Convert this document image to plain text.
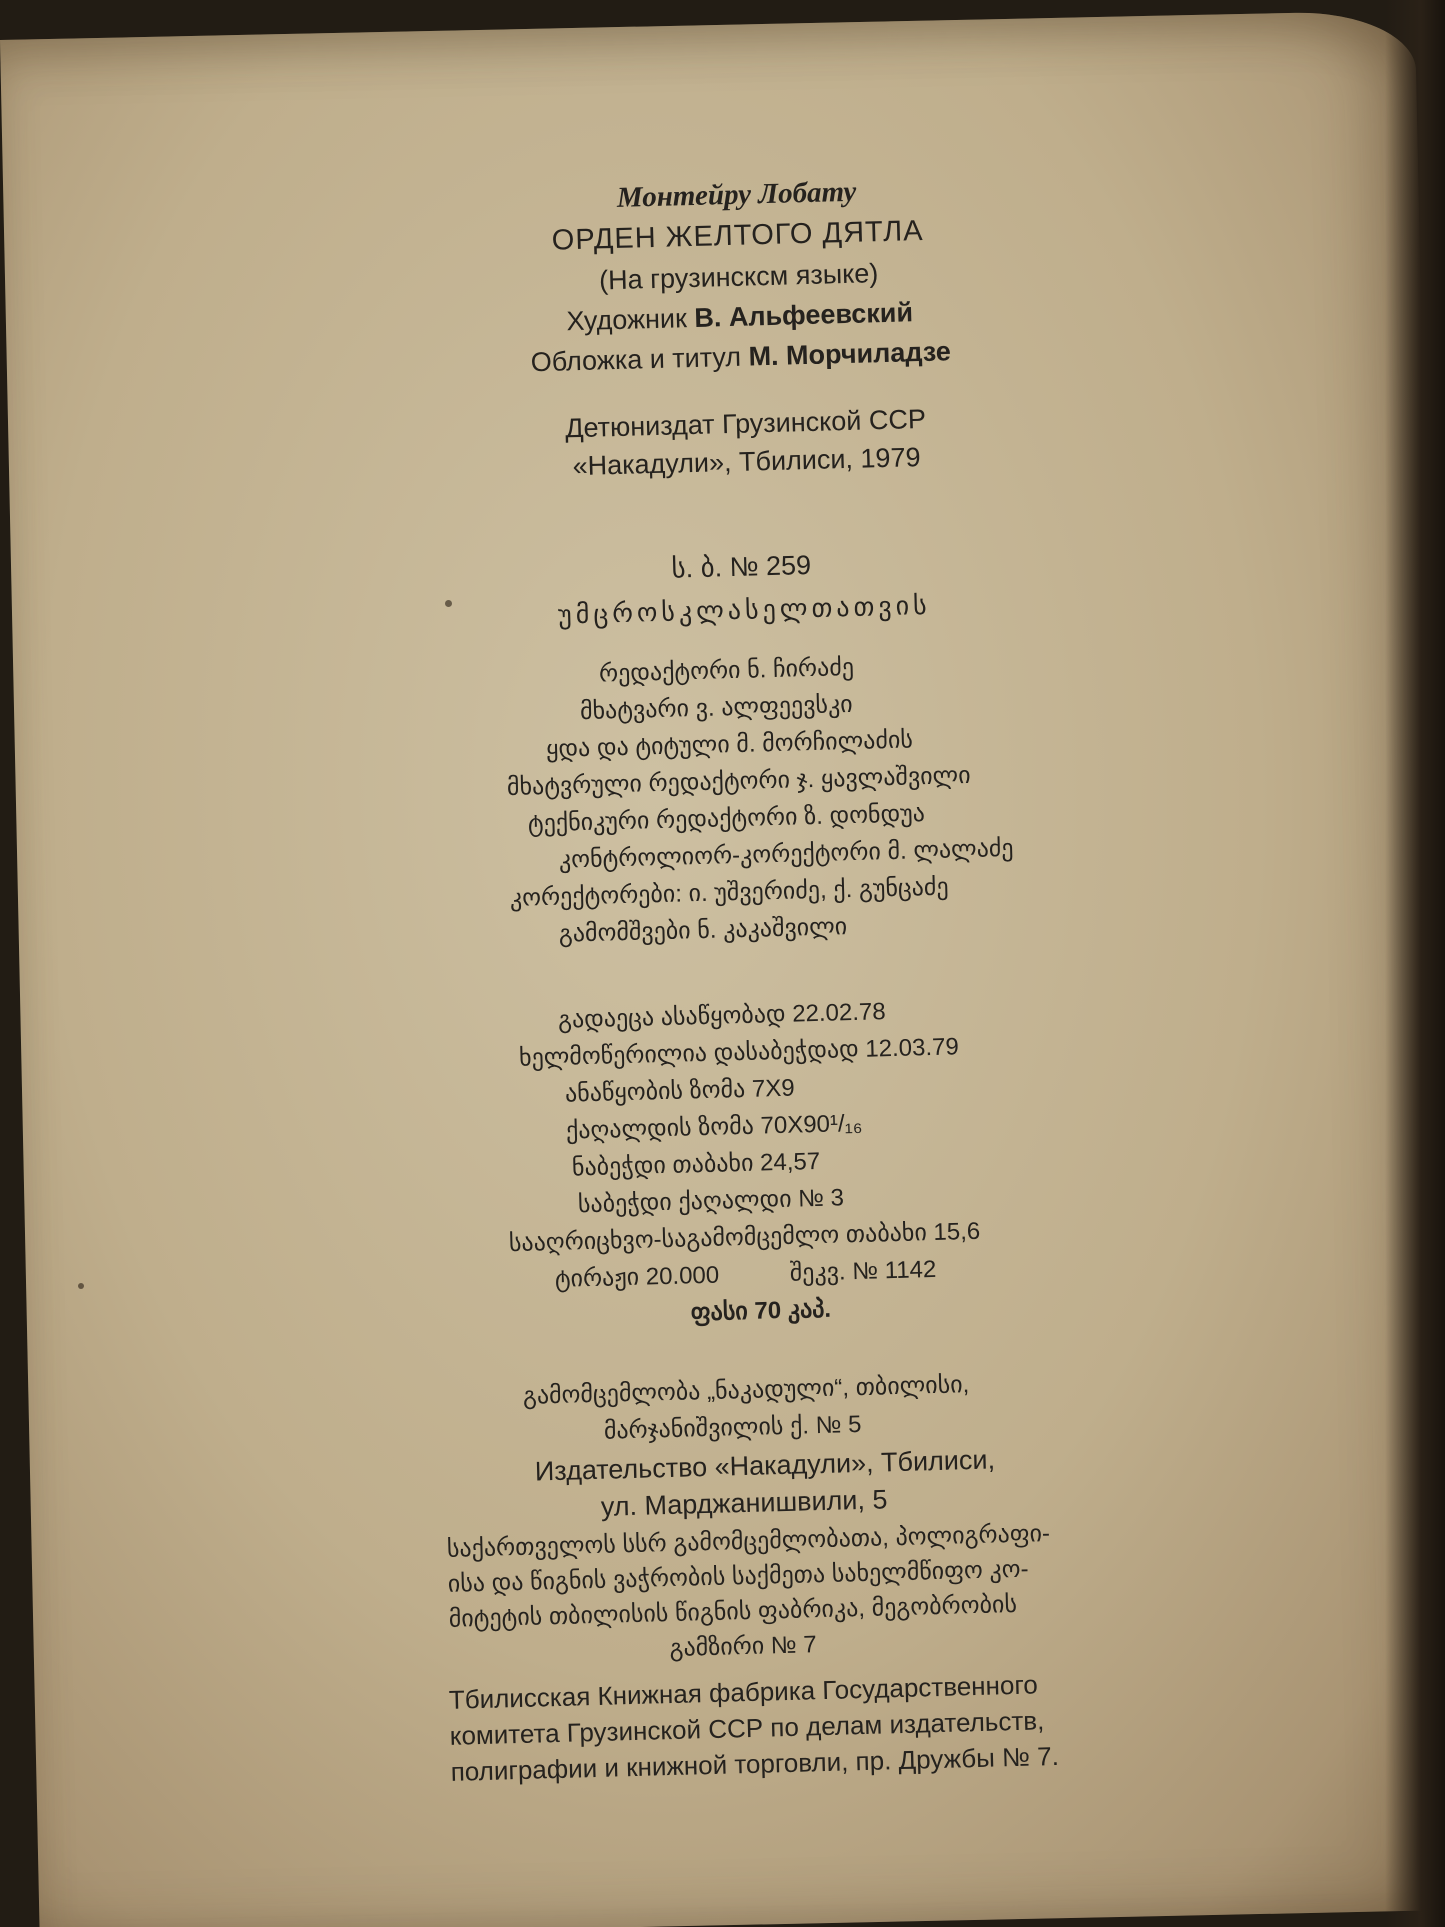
Монтейру Лобату
ОРДЕН ЖЕЛТОГО ДЯТЛА
(На грузинсксм языке)
Художник В. Альфеевский
Обложка и титул М. Морчиладзе
Детюниздат Грузинской ССР
«Накадули», Тбилиси, 1979
ს. ბ. № 259
უმცროსკლასელთათვის
რედაქტორი ნ. ჩირაძე
მხატვარი ვ. ალფეევსკი
ყდა და ტიტული მ. მორჩილაძის
მხატვრული რედაქტორი ჯ. ყავლაშვილი
ტექნიკური რედაქტორი ზ. დონდუა
კონტროლიორ-კორექტორი მ. ლალაძე
კორექტორები: ი. უშვერიძე, ქ. გუნცაძე
გამომშვები ნ. კაკაშვილი
გადაეცა ასაწყობად 22.02.78
ხელმოწერილია დასაბეჭდად 12.03.79
ანაწყობის ზომა 7X9
ქაღალდის ზომა 70X90¹/₁₆
ნაბეჭდი თაბახი 24,57
საბეჭდი ქაღალდი № 3
სააღრიცხვო-საგამომცემლო თაბახი 15,6
ტირაჟი 20.000	შეკვ. № 1142
ფასი 70 კაპ.
გამომცემლობა „ნაკადული“, თბილისი,
მარჯანიშვილის ქ. № 5
Издательство «Накадули», Тбилиси,
ул. Марджанишвили, 5
საქართველოს სსრ გამომცემლობათა, პოლიგრაფი-
ისა და წიგნის ვაჭრობის საქმეთა სახელმწიფო კო-
მიტეტის თბილისის წიგნის ფაბრიკა, მეგობრობის
გამზირი № 7
Тбилисская Книжная фабрика Государственного
комитета Грузинской ССР по делам издательств,
полиграфии и книжной торговли, пр. Дружбы № 7.
